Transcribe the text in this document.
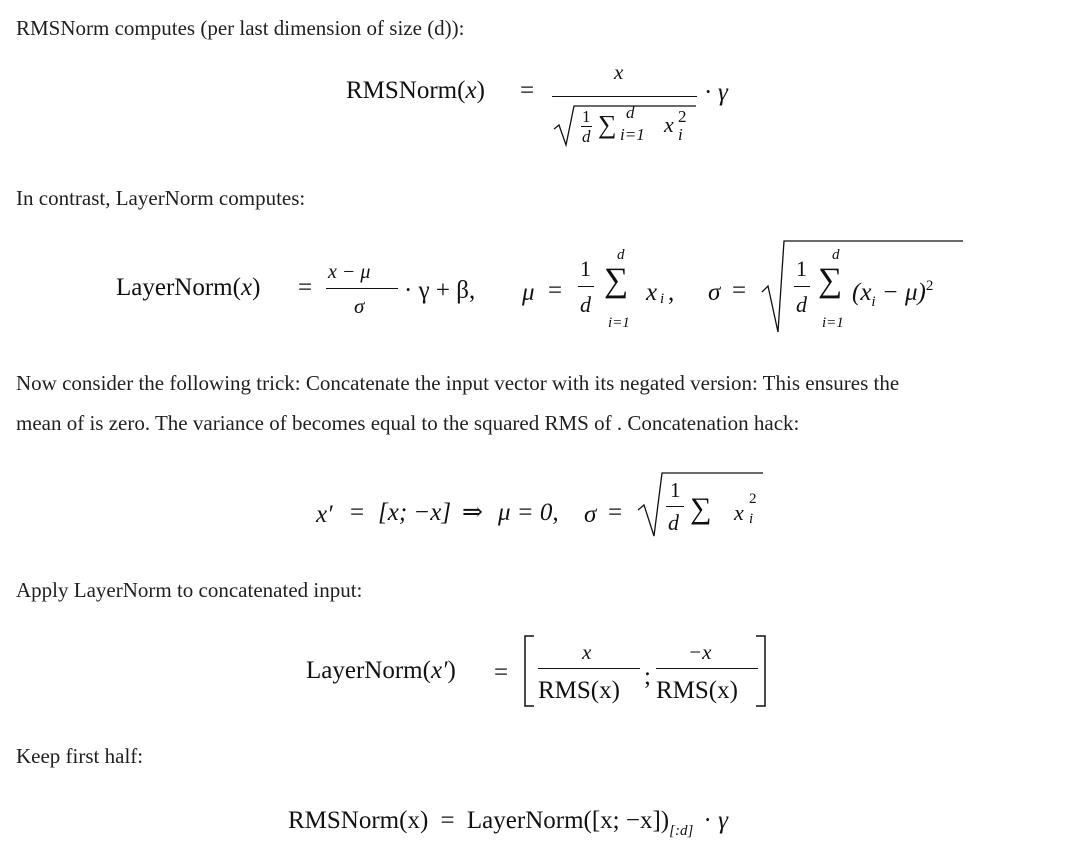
RMSNorm computes (per last dimension of size (d)):

In contrast, LayerNorm computes:

Now consider the following trick: Concatenate the input vector with its negated version: This ensures the

mean of is zero. The variance of becomes equal to the squared RMS of . Concatenation hack:

Apply LayerNorm to concatenated input:

Keep first half:

RMSNorm(x) =
x
1
d ∑ d
i=1 x 2
i
· γ
LayerNorm(x) =
x − μ
σ
· γ + β, μ =
1
d
d
∑
i=1
x i , σ =
1
d
d
∑
i=1
$(x_i - \mu)^2$
x′ = [x; −x] ⇒ μ = 0, σ =
1
d ∑ x
2
i
LayerNorm(x′) =
x
RMS(x)
;
−x
RMS(x)
RMSNorm(x) = LayerNorm([x; $-x])_{[:d]} \cdot \gamma$
